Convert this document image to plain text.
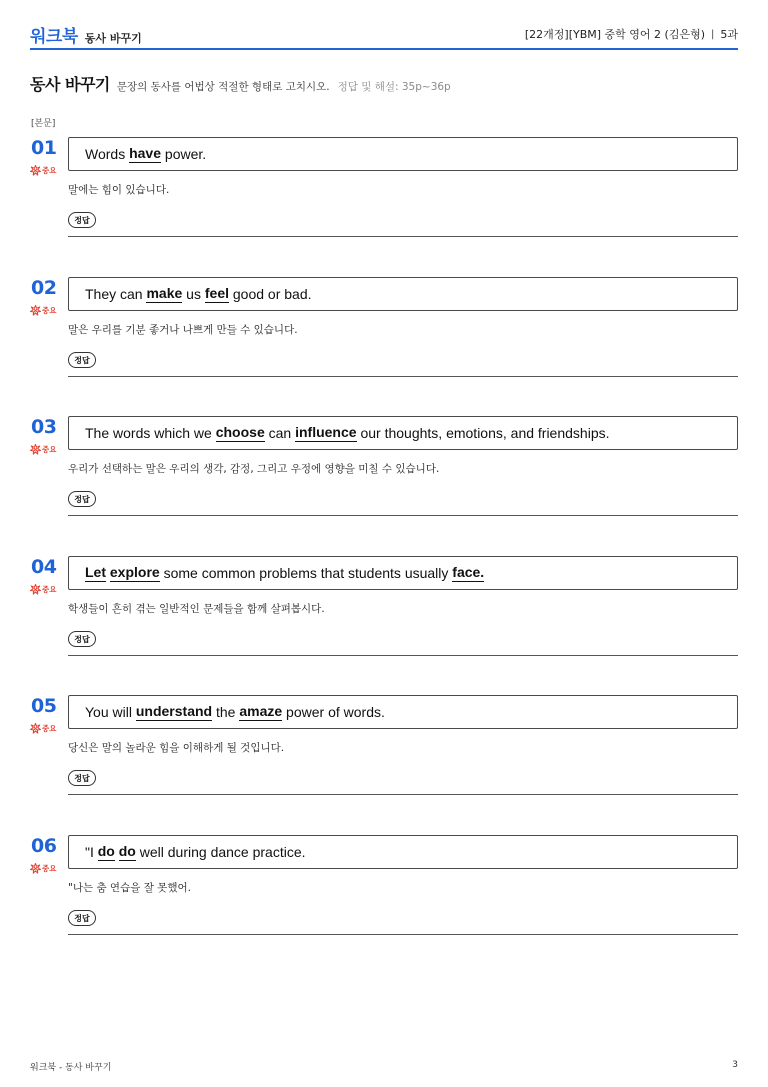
워크북 동사 바꾸기	[22개정][YBM] 중학 영어 2 (김은형) | 5과
동사 바꾸기 문장의 동사를 어법상 적절한 형태로 고치시오. 정답 및 해설: 35p~36p
[본문]
01
중요
Words have power.
말에는 힘이 있습니다.
정답
02
중요
They can make us feel good or bad.
말은 우리를 기분 좋거나 나쁘게 만들 수 있습니다.
정답
03
중요
The words which we choose can influence our thoughts, emotions, and friendships.
우리가 선택하는 말은 우리의 생각, 감정, 그리고 우정에 영향을 미칠 수 있습니다.
정답
04
중요
Let
explore some common problems that students usually face.
학생들이 흔히 겪는 일반적인 문제들을 함께 살펴봅시다.
정답
05
중요
You will understand the amaze power of words.
당신은 말의 놀라운 힘을 이해하게 될 것입니다.
정답
06
중요
"I do
do well during dance practice.
"나는 춤 연습을 잘 못했어.
정답
워크북 - 동사 바꾸기	3
